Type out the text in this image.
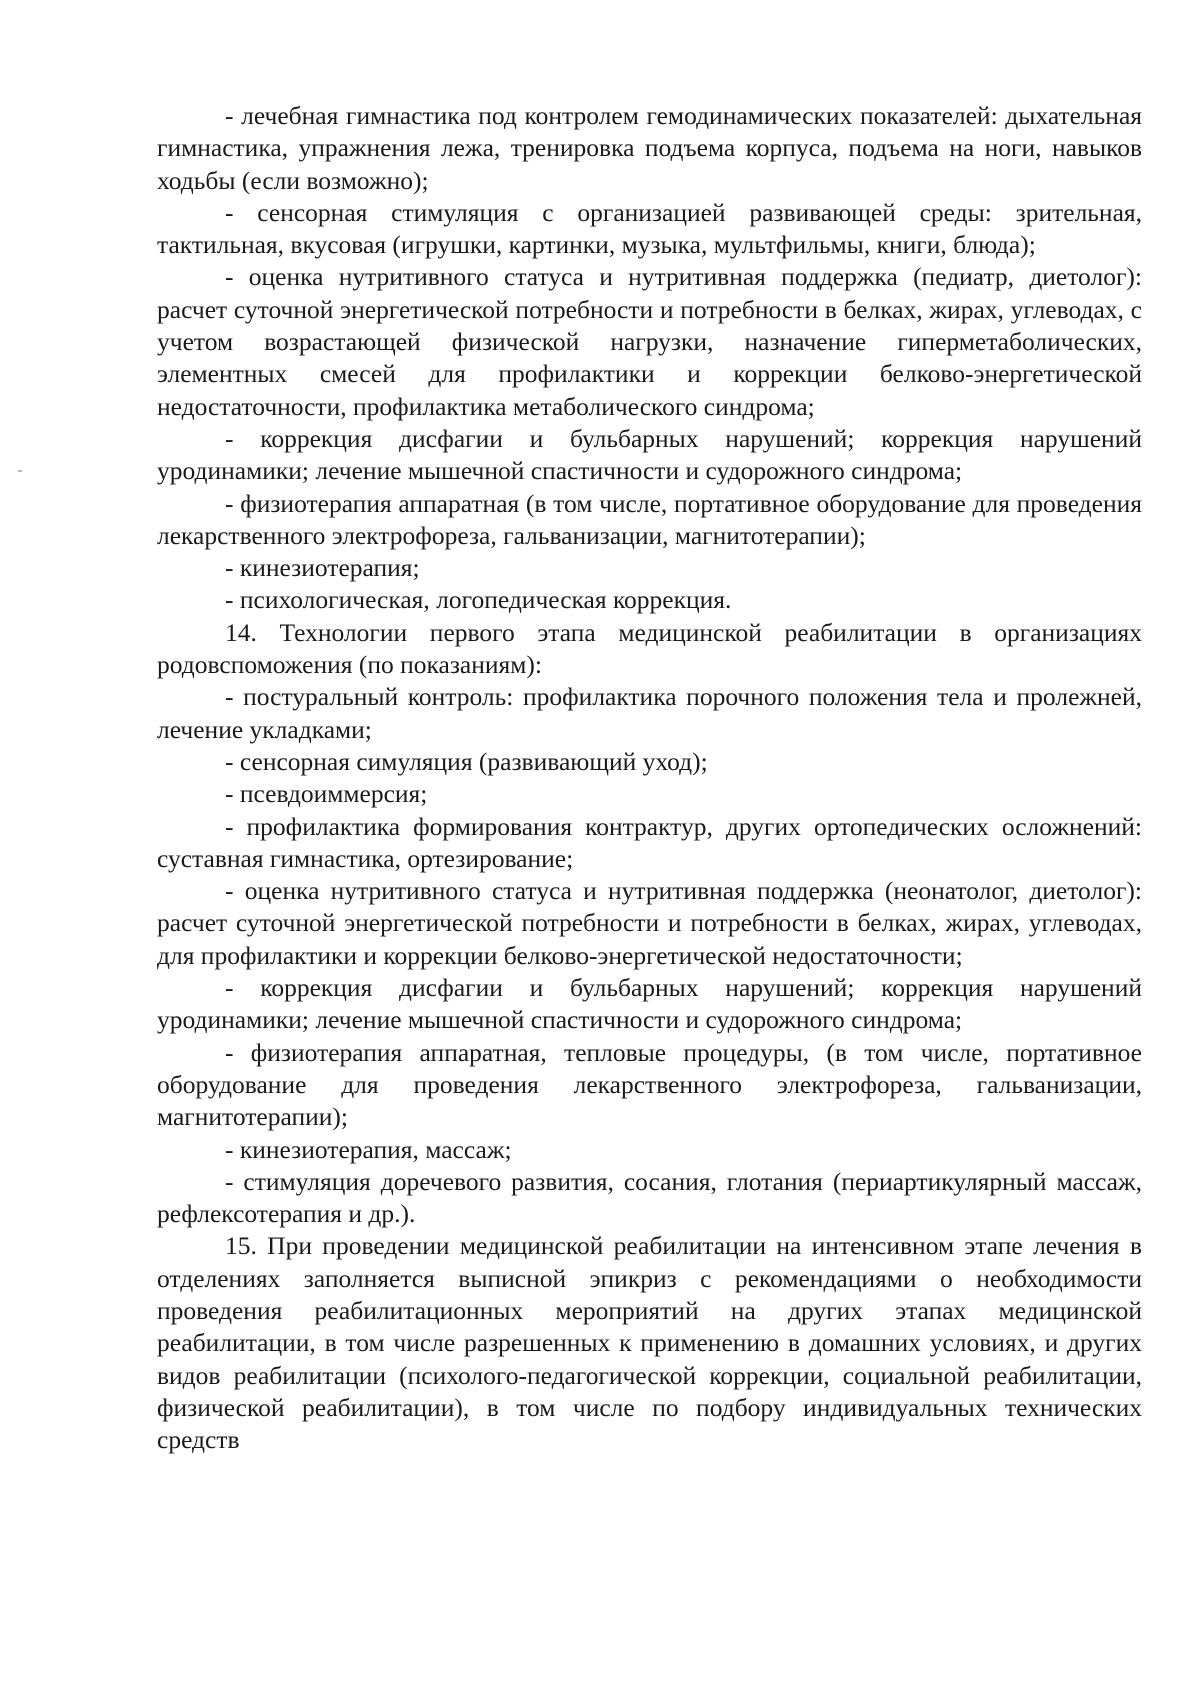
- лечебная гимнастика под контролем гемодинамических показателей: дыхательная гимнастика, упражнения лежа, тренировка подъема корпуса, подъема на ноги, навыков ходьбы (если возможно);

- сенсорная стимуляция с организацией развивающей среды: зрительная, тактильная, вкусовая (игрушки, картинки, музыка, мультфильмы, книги, блюда);

- оценка нутритивного статуса и нутритивная поддержка (педиатр, диетолог): расчет суточной энергетической потребности и потребности в белках, жирах, углеводах, с учетом возрастающей физической нагрузки, назначение гиперметаболических, элементных смесей для профилактики и коррекции белково-энергетической недостаточности, профилактика метаболического синдрома;

- коррекция дисфагии и бульбарных нарушений; коррекция нарушений уродинамики; лечение мышечной спастичности и судорожного синдрома;

- физиотерапия аппаратная (в том числе, портативное оборудование для проведения лекарственного электрофореза, гальванизации, магнитотерапии);

- кинезиотерапия;

- психологическая, логопедическая коррекция.

14. Технологии первого этапа медицинской реабилитации в организациях родовспоможения (по показаниям):

- постуральный контроль: профилактика порочного положения тела и пролежней, лечение укладками;

- сенсорная симуляция (развивающий уход);

- псевдоиммерсия;

- профилактика формирования контрактур, других ортопедических осложнений: суставная гимнастика, ортезирование;

- оценка нутритивного статуса и нутритивная поддержка (неонатолог, диетолог): расчет суточной энергетической потребности и потребности в белках, жирах, углеводах, для профилактики и коррекции белково-энергетической недостаточности;

- коррекция дисфагии и бульбарных нарушений; коррекция нарушений уродинамики; лечение мышечной спастичности и судорожного синдрома;

- физиотерапия аппаратная, тепловые процедуры, (в том числе, портативное оборудование для проведения лекарственного электрофореза, гальванизации, магнитотерапии);

- кинезиотерапия, массаж;

- стимуляция доречевого развития, сосания, глотания (периартикулярный массаж, рефлексотерапия и др.).

15. При проведении медицинской реабилитации на интенсивном этапе лечения в отделениях заполняется выписной эпикриз с рекомендациями о необходимости проведения реабилитационных мероприятий на других этапах медицинской реабилитации, в том числе разрешенных к применению в домашних условиях, и других видов реабилитации (психолого-педагогической коррекции, социальной реабилитации, физической реабилитации), в том числе по подбору индивидуальных технических средств
